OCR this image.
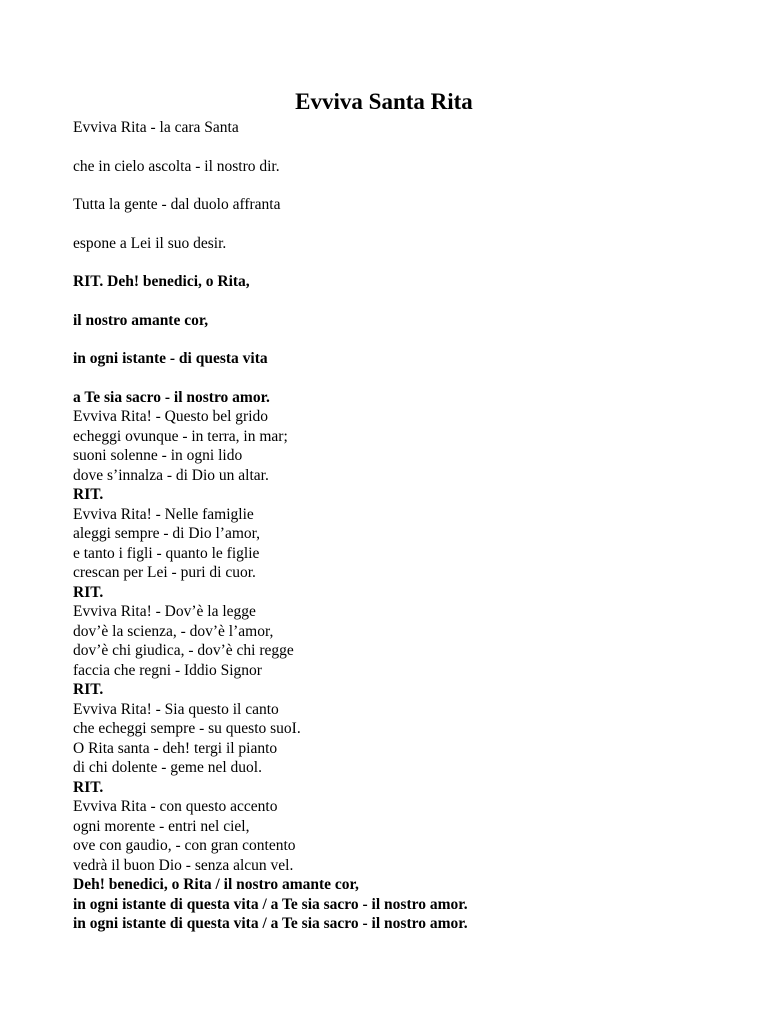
Evviva Santa Rita
Evviva Rita - la cara Santa
che in cielo ascolta - il nostro dir.
Tutta la gente - dal duolo affranta
espone a Lei il suo desir.
RIT. Deh! benedici, o Rita,
il nostro amante cor,
in ogni istante - di questa vita
a Te sia sacro - il nostro amor.
Evviva Rita! - Questo bel grido
echeggi ovunque - in terra, in mar;
suoni solenne - in ogni lido
dove s’innalza - di Dio un altar.
RIT.
Evviva Rita! - Nelle famiglie
aleggi sempre - di Dio l’amor,
e tanto i figli - quanto le figlie
crescan per Lei - puri di cuor.
RIT.
Evviva Rita! - Dov’è la legge
dov’è la scienza, - dov’è l’amor,
dov’è chi giudica, - dov’è chi regge
faccia che regni - Iddio Signor
RIT.
Evviva Rita! - Sia questo il canto
che echeggi sempre - su questo suoI.
O Rita santa - deh! tergi il pianto
di chi dolente - geme nel duol.
RIT.
Evviva Rita - con questo accento
ogni morente - entri nel ciel,
ove con gaudio, - con gran contento
vedrà il buon Dio - senza alcun vel.
Deh! benedici, o Rita / il nostro amante cor,
in ogni istante di questa vita / a Te sia sacro - il nostro amor.
in ogni istante di questa vita / a Te sia sacro - il nostro amor.
